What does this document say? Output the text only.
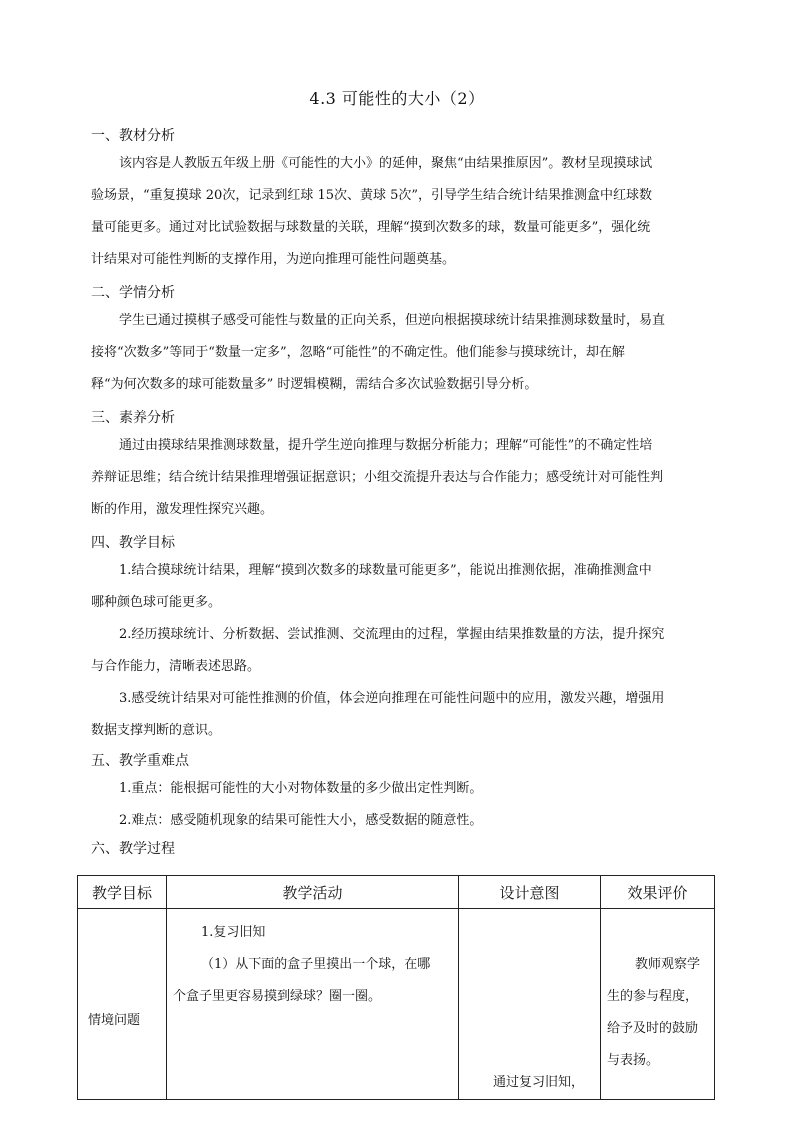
4.3 可能性的大小（2）
一、教材分析
该内容是人教版五年级上册《可能性的大小》的延伸，聚焦“由结果推原因”。教材呈现摸球试
验场景，“重复摸球 20次，记录到红球 15次、黄球 5次”，引导学生结合统计结果推测盒中红球数
量可能更多。通过对比试验数据与球数量的关联，理解“摸到次数多的球，数量可能更多”，强化统
计结果对可能性判断的支撑作用，为逆向推理可能性问题奠基。
二、学情分析
学生已通过摸棋子感受可能性与数量的正向关系，但逆向根据摸球统计结果推测球数量时，易直
接将“次数多”等同于“数量一定多”，忽略“可能性”的不确定性。他们能参与摸球统计，却在解
释“为何次数多的球可能数量多” 时逻辑模糊，需结合多次试验数据引导分析。
三、素养分析
通过由摸球结果推测球数量，提升学生逆向推理与数据分析能力；理解“可能性”的不确定性培
养辩证思维；结合统计结果推理增强证据意识；小组交流提升表达与合作能力；感受统计对可能性判
断的作用，激发理性探究兴趣。
四、教学目标
1.结合摸球统计结果，理解“摸到次数多的球数量可能更多”，能说出推测依据，准确推测盒中
哪种颜色球可能更多。
2.经历摸球统计、分析数据、尝试推测、交流理由的过程，掌握由结果推数量的方法，提升探究
与合作能力，清晰表述思路。
3.感受统计结果对可能性推测的价值，体会逆向推理在可能性问题中的应用，激发兴趣，增强用
数据支撑判断的意识。
五、教学重难点
1.重点：能根据可能性的大小对物体数量的多少做出定性判断。
2.难点：感受随机现象的结果可能性大小，感受数据的随意性。
六、教学过程
教学目标	教学活动	设计意图	效果评价

情境问题	1.复习旧知
（1）从下面的盒子里摸出一个球，在哪
个盒子里更容易摸到绿球？圈一圈。	通过复习旧知，	教师观察学
生的参与程度，
给予及时的鼓励
与表扬。
